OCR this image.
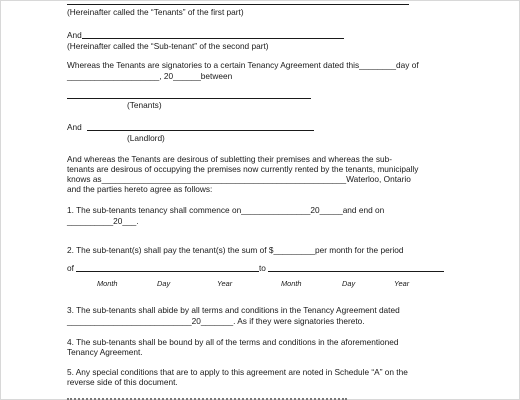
(Hereinafter called the “Tenants” of the first part)
And
(Hereinafter called the “Sub-tenant” of the second part)
Whereas the Tenants are signatories to a certain Tenancy Agreement dated this________day of
____________________, 20______between
(Tenants)
And
(Landlord)
And whereas the Tenants are desirous of subletting their premises and whereas the sub-
tenants are desirous of occupying the premises now currently rented by the tenants, municipally
knows as_____________________________________________________Waterloo, Ontario
and the parties hereto agree as follows:
1. The sub-tenants tenancy shall commence on_______________20_____and end on
__________20___.
2. The sub-tenant(s) shall pay the tenant(s) the sum of $_________per month for the period
of	to
Month	Day	Year	Month	Day	Year
3. The sub-tenants shall abide by all terms and conditions in the Tenancy Agreement dated
___________________________20_______. As if they were signatories thereto.
4. The sub-tenants shall be bound by all of the terms and conditions in the aforementioned
Tenancy Agreement.
5. Any special conditions that are to apply to this agreement are noted in Schedule “A” on the
reverse side of this document.
